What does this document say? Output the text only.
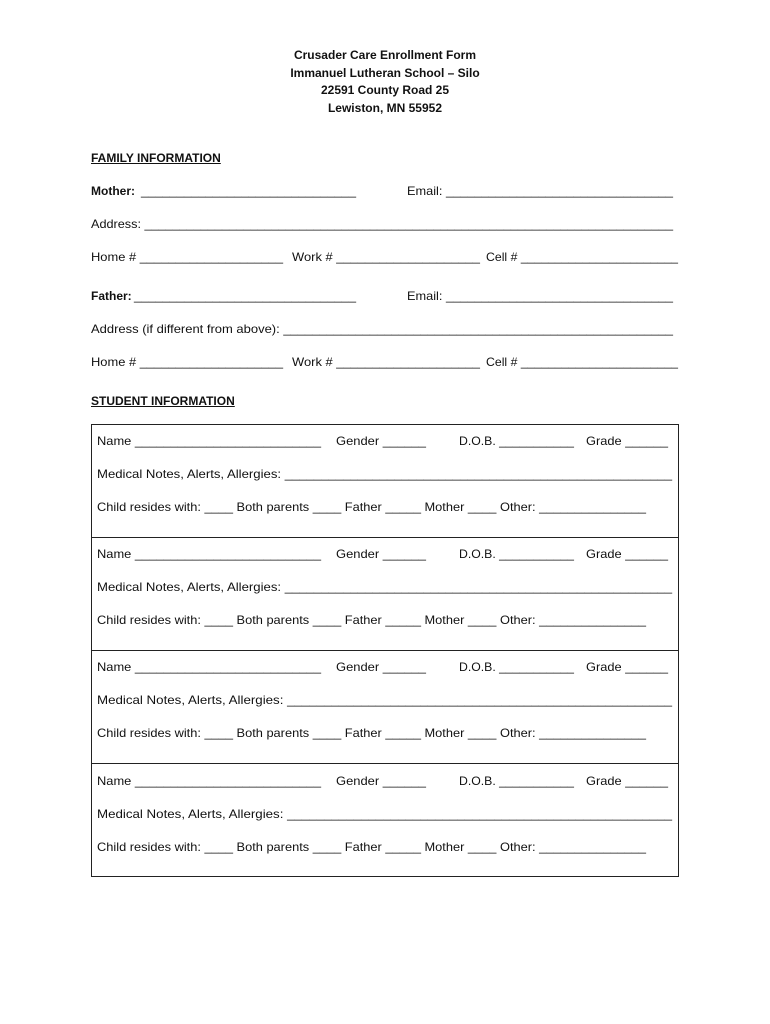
Crusader Care Enrollment Form
Immanuel Lutheran School – Silo
22591 County Road 25
Lewiston, MN 55952
FAMILY INFORMATION
Mother: ______________________________	Email: ________________________________
Address: ___________________________________________________________________________
Home # ____________________ Work # ____________________ Cell # _______________________
Father: _______________________________	Email: ________________________________
Address (if different from above): ______________________________________________________
Home # ____________________ Work # ____________________ Cell # _______________________
STUDENT INFORMATION
Name __________________________ Gender ______	D.O.B. ___________ Grade ______
Medical Notes, Alerts, Allergies: _____________________________________________________
Child resides with: ____ Both parents ____ Father _____ Mother ____ Other: _______________
Name __________________________ Gender ______	D.O.B. ___________ Grade ______
Medical Notes, Alerts, Allergies: _____________________________________________________
Child resides with: ____ Both parents ____ Father _____ Mother ____ Other: _______________
Name __________________________ Gender ______	D.O.B. ___________ Grade ______
Medical Notes, Alerts, Allergies: ____________________________________________________
Child resides with: ____ Both parents ____ Father _____ Mother ____ Other: _______________
Name __________________________ Gender ______	D.O.B. ___________ Grade ______
Medical Notes, Alerts, Allergies: ____________________________________________________
Child resides with: ____ Both parents ____ Father _____ Mother ____ Other: _______________
